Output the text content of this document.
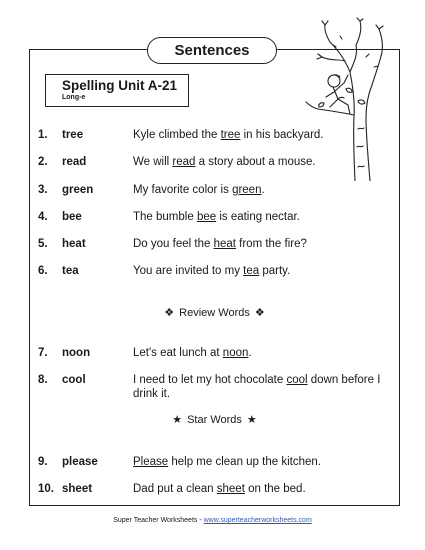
Sentences
Spelling Unit A-21
Long-e
1. tree	Kyle climbed the tree in his backyard.
2. read	We will read a story about a mouse.
3. green	My favorite color is green.
4. bee	The bumble bee is eating nectar.
5. heat	Do you feel the heat from the fire?
6. tea	You are invited to my tea party.
❖ Review Words ❖
7. noon	Let's eat lunch at noon.
8. cool	I need to let my hot chocolate cool down before I drink it.
★ Star Words ★
9. please	Please help me clean up the kitchen.
10. sheet	Dad put a clean sheet on the bed.
Super Teacher Worksheets - www.superteacherworksheets.com
